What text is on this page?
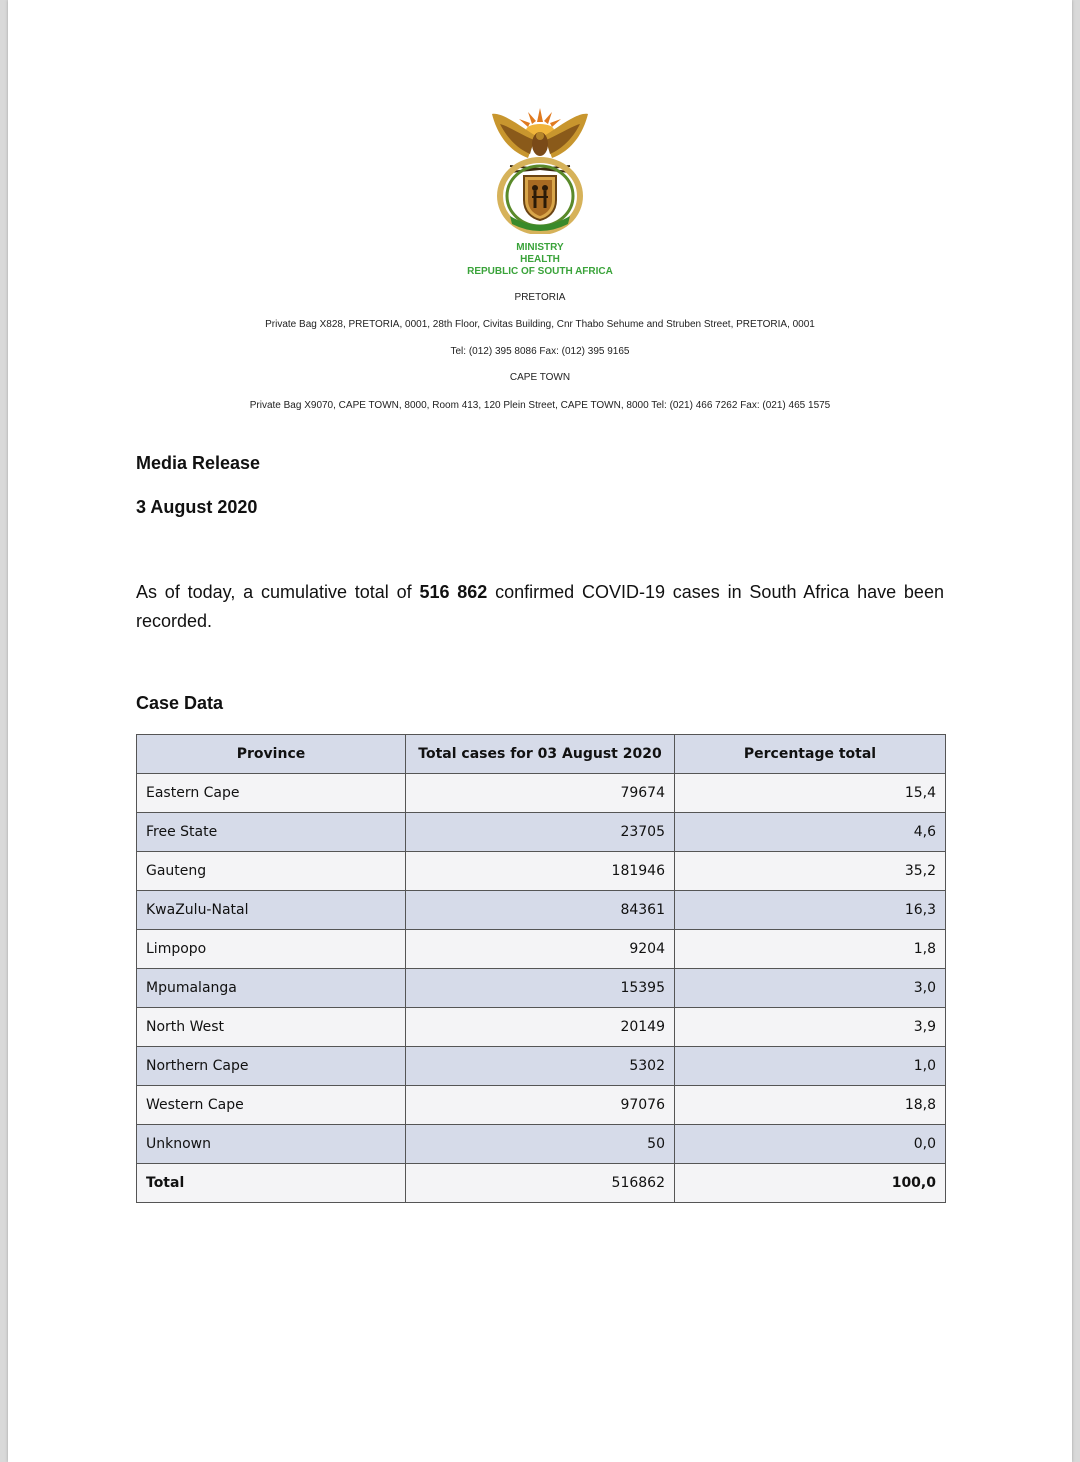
MINISTRY
HEALTH
REPUBLIC OF SOUTH AFRICA
PRETORIA
Private Bag X828, PRETORIA, 0001, 28th Floor, Civitas Building, Cnr Thabo Sehume and Struben Street, PRETORIA, 0001
Tel: (012) 395 8086 Fax: (012) 395 9165
CAPE TOWN
Private Bag X9070, CAPE TOWN, 8000, Room 413, 120 Plein Street, CAPE TOWN, 8000 Tel: (021) 466 7262 Fax: (021) 465 1575
Media Release
3 August 2020
As of today, a cumulative total of 516 862 confirmed COVID-19 cases in South Africa have been recorded.
Case Data
Province	Total cases for 03 August 2020	Percentage total
Eastern Cape	79674	15,4
Free State	23705	4,6
Gauteng	181946	35,2
KwaZulu-Natal	84361	16,3
Limpopo	9204	1,8
Mpumalanga	15395	3,0
North West	20149	3,9
Northern Cape	5302	1,0
Western Cape	97076	18,8
Unknown	50	0,0
Total	516862	100,0
